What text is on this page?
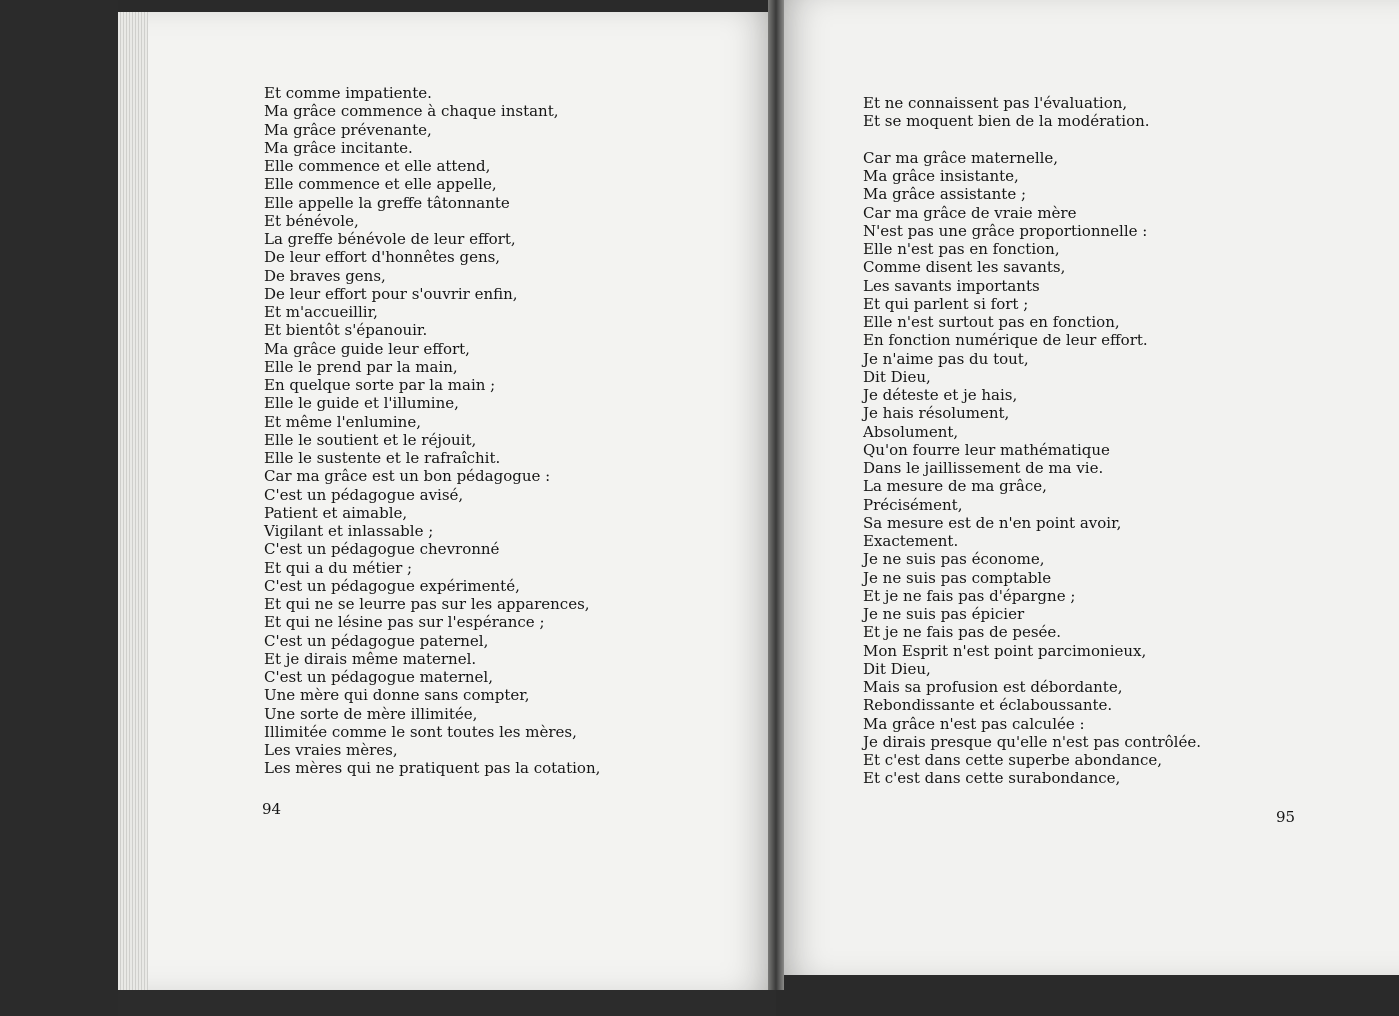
Et comme impatiente.
Ma grâce commence à chaque instant,
Ma grâce prévenante,
Ma grâce incitante.
Elle commence et elle attend,
Elle commence et elle appelle,
Elle appelle la greffe tâtonnante
Et bénévole,
La greffe bénévole de leur effort,
De leur effort d'honnêtes gens,
De braves gens,
De leur effort pour s'ouvrir enfin,
Et m'accueillir,
Et bientôt s'épanouir.
Ma grâce guide leur effort,
Elle le prend par la main,
En quelque sorte par la main ;
Elle le guide et l'illumine,
Et même l'enlumine,
Elle le soutient et le réjouit,
Elle le sustente et le rafraîchit.
Car ma grâce est un bon pédagogue :
C'est un pédagogue avisé,
Patient et aimable,
Vigilant et inlassable ;
C'est un pédagogue chevronné
Et qui a du métier ;
C'est un pédagogue expérimenté,
Et qui ne se leurre pas sur les apparences,
Et qui ne lésine pas sur l'espérance ;
C'est un pédagogue paternel,
Et je dirais même maternel.
C'est un pédagogue maternel,
Une mère qui donne sans compter,
Une sorte de mère illimitée,
Illimitée comme le sont toutes les mères,
Les vraies mères,
Les mères qui ne pratiquent pas la cotation,
Et ne connaissent pas l'évaluation,
Et se moquent bien de la modération.
Car ma grâce maternelle,
Ma grâce insistante,
Ma grâce assistante ;
Car ma grâce de vraie mère
N'est pas une grâce proportionnelle :
Elle n'est pas en fonction,
Comme disent les savants,
Les savants importants
Et qui parlent si fort ;
Elle n'est surtout pas en fonction,
En fonction numérique de leur effort.
Je n'aime pas du tout,
Dit Dieu,
Je déteste et je hais,
Je hais résolument,
Absolument,
Qu'on fourre leur mathématique
Dans le jaillissement de ma vie.
La mesure de ma grâce,
Précisément,
Sa mesure est de n'en point avoir,
Exactement.
Je ne suis pas économe,
Je ne suis pas comptable
Et je ne fais pas d'épargne ;
Je ne suis pas épicier
Et je ne fais pas de pesée.
Mon Esprit n'est point parcimonieux,
Dit Dieu,
Mais sa profusion est débordante,
Rebondissante et éclaboussante.
Ma grâce n'est pas calculée :
Je dirais presque qu'elle n'est pas contrôlée.
Et c'est dans cette superbe abondance,
Et c'est dans cette surabondance,
94	95
